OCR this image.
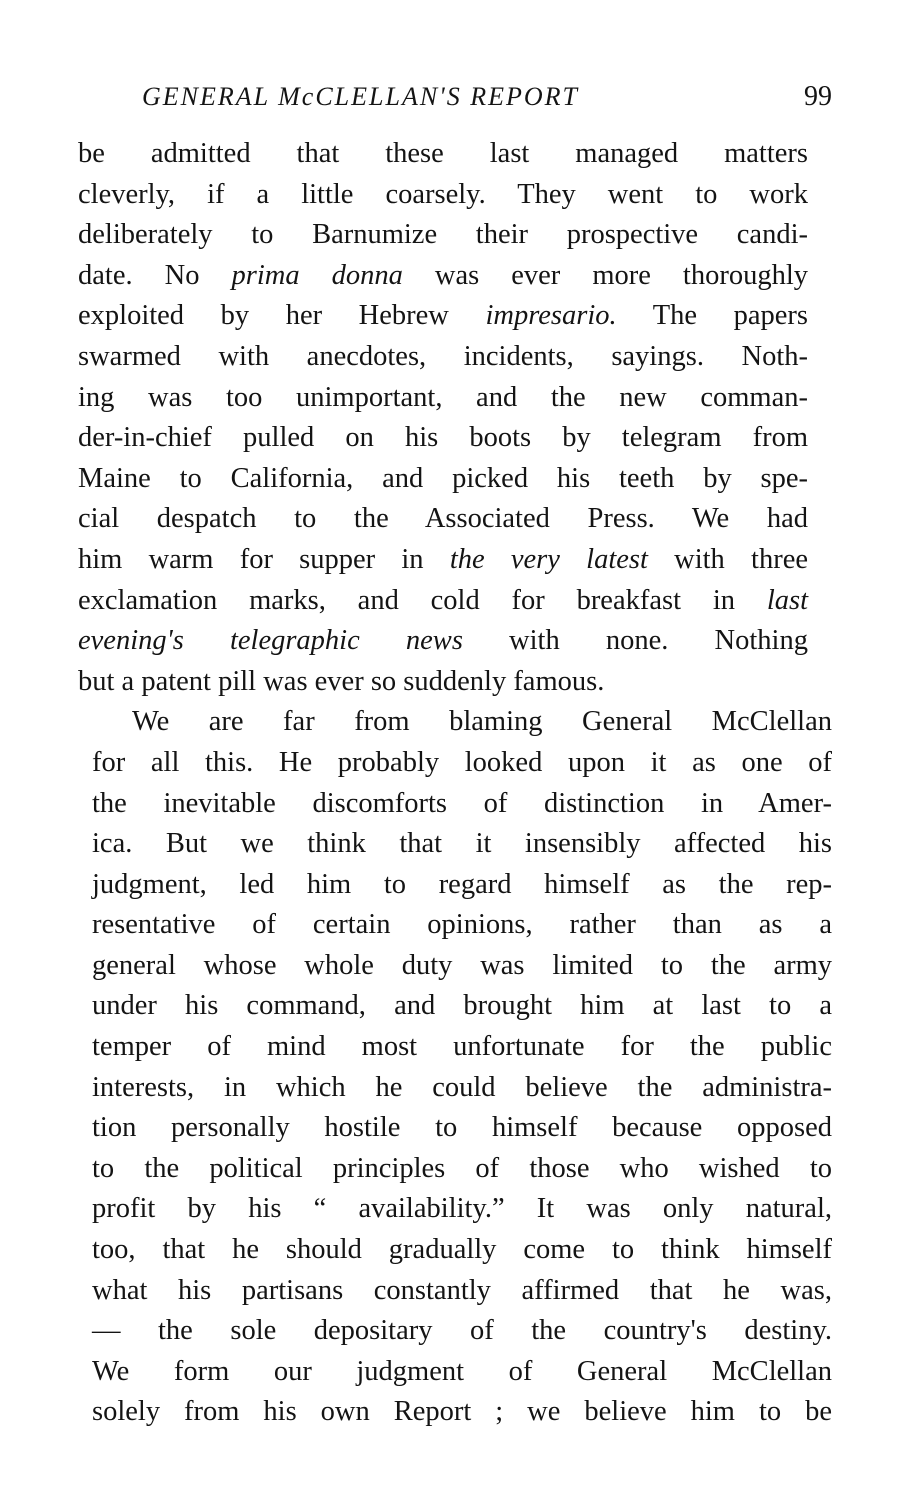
GENERAL McCLELLAN'S REPORT	99
be admitted that these last managed matters
cleverly, if a little coarsely. They went to work
deliberately to Barnumize their prospective candi-
date. No prima donna was ever more thoroughly
exploited by her Hebrew impresario. The papers
swarmed with anecdotes, incidents, sayings. Noth-
ing was too unimportant, and the new comman-
der-in-chief pulled on his boots by telegram from
Maine to California, and picked his teeth by spe-
cial despatch to the Associated Press. We had
him warm for supper in the very latest with three
exclamation marks, and cold for breakfast in last
evening's telegraphic news with none. Nothing
but a patent pill was ever so suddenly famous.
We are far from blaming General McClellan
for all this. He probably looked upon it as one of
the inevitable discomforts of distinction in Amer-
ica. But we think that it insensibly affected his
judgment, led him to regard himself as the rep-
resentative of certain opinions, rather than as a
general whose whole duty was limited to the army
under his command, and brought him at last to a
temper of mind most unfortunate for the public
interests, in which he could believe the administra-
tion personally hostile to himself because opposed
to the political principles of those who wished to
profit by his “ availability.” It was only natural,
too, that he should gradually come to think himself
what his partisans constantly affirmed that he was,
— the sole depositary of the country's destiny.
We form our judgment of General McClellan
solely from his own Report ; we believe him to be
